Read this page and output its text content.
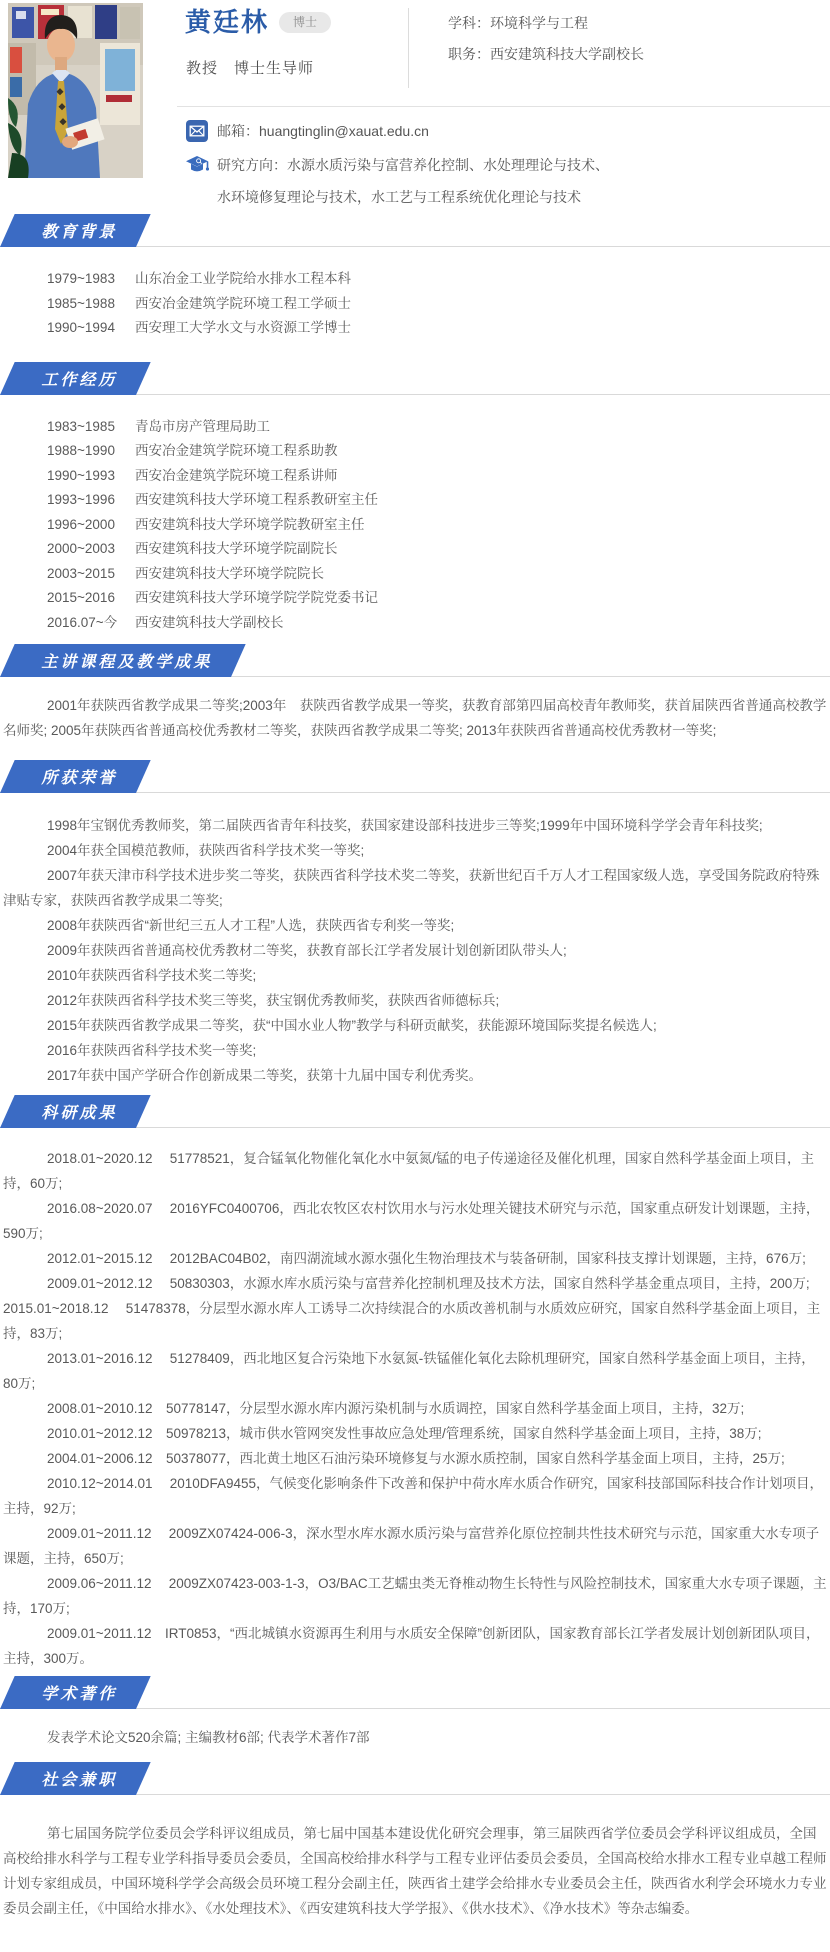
黄廷林	博士
教授　博士生导师
学科：环境科学与工程
职务：西安建筑科技大学副校长
邮箱： huangtinglin@xauat.edu.cn
研究方向： 水源水质污染与富营养化控制、水处理理论与技术、
水环境修复理论与技术，水工艺与工程系统优化理论与技术
教育背景
1979~1983	山东冶金工业学院给水排水工程本科
1985~1988	西安冶金建筑学院环境工程工学硕士
1990~1994	西安理工大学水文与水资源工学博士
工作经历
1983~1985	青岛市房产管理局助工
1988~1990	西安冶金建筑学院环境工程系助教
1990~1993	西安冶金建筑学院环境工程系讲师
1993~1996	西安建筑科技大学环境工程系教研室主任
1996~2000	西安建筑科技大学环境学院教研室主任
2000~2003	西安建筑科技大学环境学院副院长
2003~2015	西安建筑科技大学环境学院院长
2015~2016	西安建筑科技大学环境学院学院党委书记
2016.07~今	西安建筑科技大学副校长
主讲课程及教学成果

2001年获陕西省教学成果二等奖;2003年　获陕西省教学成果一等奖，获教育部第四届高校青年教师奖，获首届陕西省普通高校教学名师奖; 2005年获陕西省普通高校优秀教材二等奖，获陕西省教学成果二等奖; 2013年获陕西省普通高校优秀教材一等奖;

所获荣誉

1998年宝钢优秀教师奖，第二届陕西省青年科技奖，获国家建设部科技进步三等奖;1999年中国环境科学学会青年科技奖;

2004年获全国模范教师，获陕西省科学技术奖一等奖;

2007年获天津市科学技术进步奖二等奖，获陕西省科学技术奖二等奖，获新世纪百千万人才工程国家级人选，享受国务院政府特殊津贴专家，获陕西省教学成果二等奖;

2008年获陕西省“新世纪三五人才工程”人选，获陕西省专利奖一等奖;

2009年获陕西省普通高校优秀教材二等奖，获教育部长江学者发展计划创新团队带头人;

2010年获陕西省科学技术奖二等奖;

2012年获陕西省科学技术奖三等奖，获宝钢优秀教师奖，获陕西省师德标兵;

2015年获陕西省教学成果二等奖，获“中国水业人物”教学与科研贡献奖，获能源环境国际奖提名候选人;

2016年获陕西省科学技术奖一等奖;

2017年获中国产学研合作创新成果二等奖，获第十九届中国专利优秀奖。

科研成果

2018.01~2020.12　 51778521，复合锰氧化物催化氧化水中氨氮/锰的电子传递途径及催化机理，国家自然科学基金面上项目，主持，60万;

2016.08~2020.07　 2016YFC0400706，西北农牧区农村饮用水与污水处理关键技术研究与示范，国家重点研发计划课题，主持，590万;

2012.01~2015.12　 2012BAC04B02，南四湖流域水源水强化生物治理技术与装备研制，国家科技支撑计划课题，主持，676万;

2009.01~2012.12　 50830303，水源水库水质污染与富营养化控制机理及技术方法，国家自然科学基金重点项目，主持，200万; 2015.01~2018.12　 51478378，分层型水源水库人工诱导二次持续混合的水质改善机制与水质效应研究，国家自然科学基金面上项目，主持，83万;

2013.01~2016.12　 51278409，西北地区复合污染地下水氨氮-铁锰催化氧化去除机理研究，国家自然科学基金面上项目，主持，80万;

2008.01~2010.12　50778147，分层型水源水库内源污染机制与水质调控，国家自然科学基金面上项目，主持，32万;

2010.01~2012.12　50978213，城市供水管网突发性事故应急处理/管理系统，国家自然科学基金面上项目，主持，38万;

2004.01~2006.12　50378077，西北黄土地区石油污染环境修复与水源水质控制，国家自然科学基金面上项目，主持，25万;

2010.12~2014.01　 2010DFA9455，气候变化影响条件下改善和保护中荷水库水质合作研究，国家科技部国际科技合作计划项目，主持，92万;

2009.01~2011.12　 2009ZX07424-006-3，深水型水库水源水质污染与富营养化原位控制共性技术研究与示范，国家重大水专项子课题，主持，650万;

2009.06~2011.12　 2009ZX07423-003-1-3，O3/BAC工艺蠕虫类无脊椎动物生长特性与风险控制技术，国家重大水专项子课题，主持，170万;

2009.01~2011.12　IRT0853，“西北城镇水资源再生利用与水质安全保障”创新团队，国家教育部长江学者发展计划创新团队项目，主持，300万。

学术著作

发表学术论文520余篇; 主编教材6部; 代表学术著作7部

社会兼职

第七届国务院学位委员会学科评议组成员，第七届中国基本建设优化研究会理事，第三届陕西省学位委员会学科评议组成员，全国高校给排水科学与工程专业学科指导委员会委员，全国高校给排水科学与工程专业评估委员会委员，全国高校给水排水工程专业卓越工程师计划专家组成员，中国环境科学学会高级会员环境工程分会副主任，陕西省土建学会给排水专业委员会主任，陕西省水利学会环境水力专业委员会副主任，《中国给水排水》、《水处理技术》、《西安建筑科技大学学报》、《供水技术》、《净水技术》等杂志编委。
